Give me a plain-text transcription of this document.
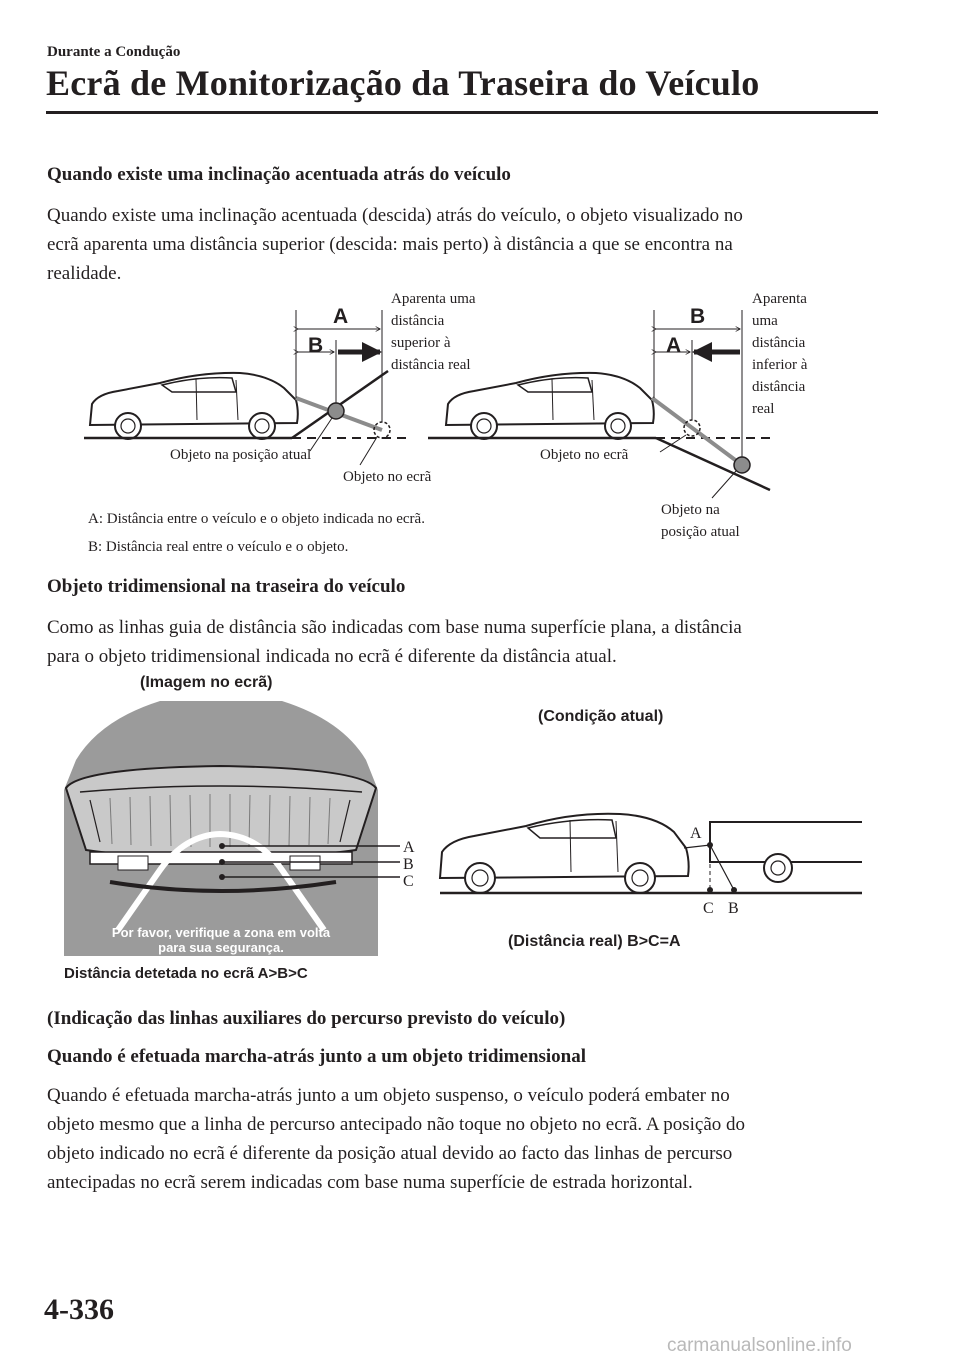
Durante a Condução
Ecrã de Monitorização da Traseira do Veículo
Quando existe uma inclinação acentuada atrás do veículo
Quando existe uma inclinação acentuada (descida) atrás do veículo, o objeto visualizado no
ecrã aparenta uma distância superior (descida: mais perto) à distância a que se encontra na
realidade.
A
B
Aparenta uma
distância
superior à
distância real
Objeto na posição atual
Objeto no ecrã
B
A
Aparenta
uma
distância
inferior à
distância
real
Objeto no ecrã
Objeto na
posição atual
A: Distância entre o veículo e o objeto indicada no ecrã.
B: Distância real entre o veículo e o objeto.
Objeto tridimensional na traseira do veículo
Como as linhas guia de distância são indicadas com base numa superfície plana, a distância
para o objeto tridimensional indicada no ecrã é diferente da distância atual.
(Imagem no ecrã)
Por favor, verifique a zona em volta
para sua segurança.
A
B
C
Distância detetada no ecrã A>B>C
(Condição atual)
A
C B
(Distância real) B>C=A
(Indicação das linhas auxiliares do percurso previsto do veículo)
Quando é efetuada marcha-atrás junto a um objeto tridimensional
Quando é efetuada marcha-atrás junto a um objeto suspenso, o veículo poderá embater no
objeto mesmo que a linha de percurso antecipado não toque no objeto no ecrã. A posição do
objeto indicado no ecrã é diferente da posição atual devido ao facto das linhas de percurso
antecipadas no ecrã serem indicadas com base numa superfície de estrada horizontal.
4-336
carmanualsonline.info
